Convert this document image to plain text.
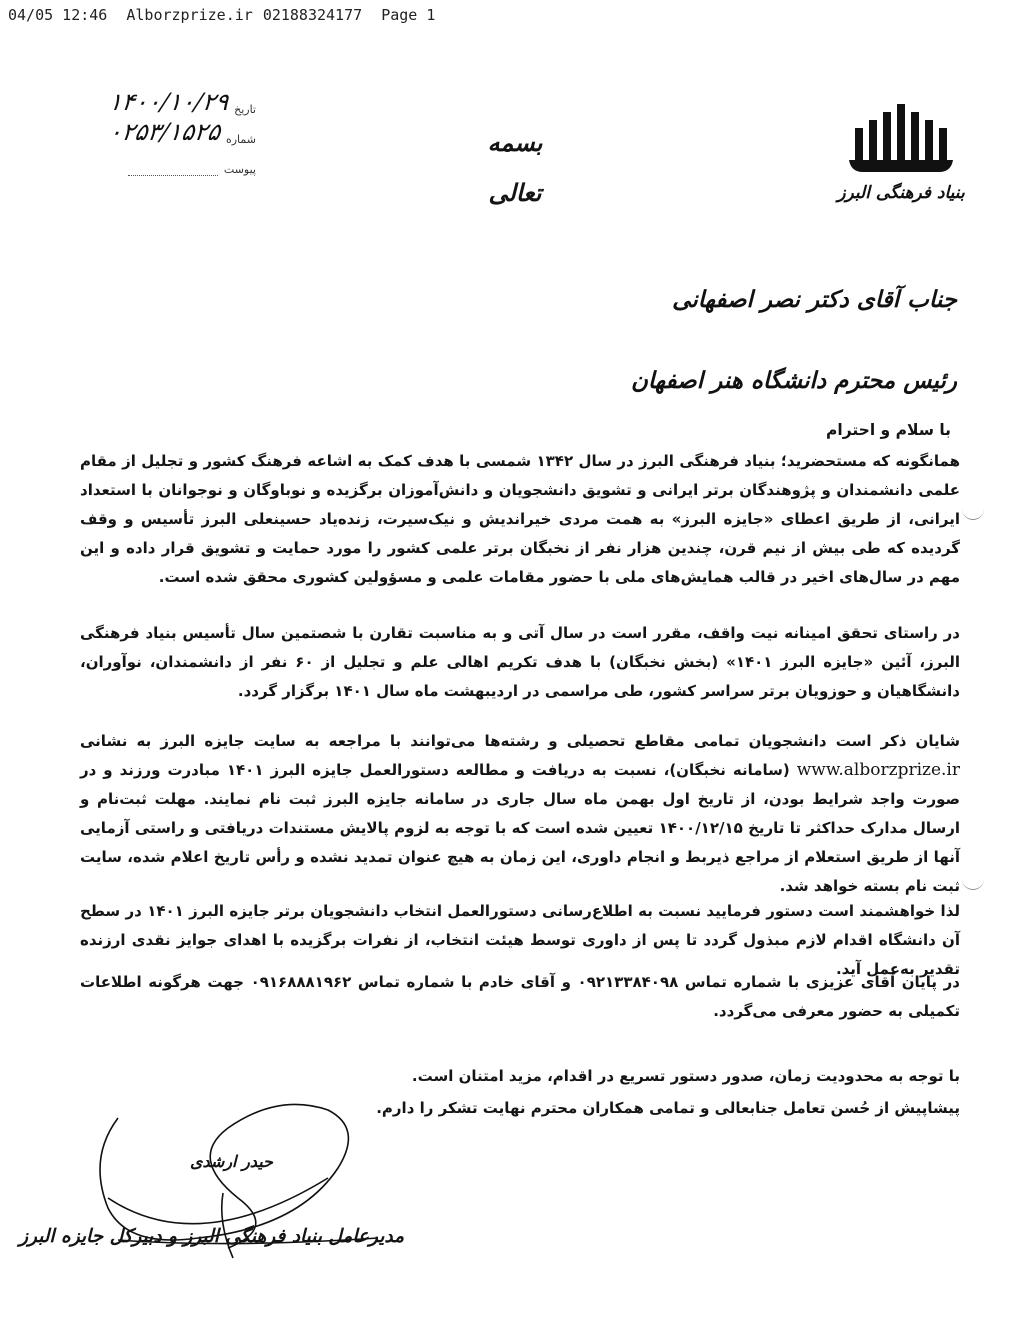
04/05 12:46 Alborzprize.ir 02188324177 Page 1
بنیاد فرهنگی البرز
بسمه تعالی
تاریخ
۱۴۰۰/۱۰/۲۹
شماره
۰۲۵۳/۱۵۲۵
پیوست
جناب آقای دکتر نصر اصفهانی
رئیس محترم دانشگاه هنر اصفهان
با سلام و احترام
همانگونه که مستحضرید؛ بنیاد فرهنگی البرز در سال ۱۳۴۲ شمسی با هدف کمک به اشاعه فرهنگ کشور و تجلیل از مقام علمی دانشمندان و پژوهندگان برتر ایرانی و تشویق دانشجویان و دانش‌آموزان برگزیده و نوباوگان و نوجوانان با استعداد ایرانی، از طریق اعطای «جایزه البرز» به همت مردی خیراندیش و نیک‌سیرت، زنده‌یاد حسینعلی البرز تأسیس و وقف گردیده که طی بیش از نیم قرن، چندین هزار نفر از نخبگان برتر علمی کشور را مورد حمایت و تشویق قرار داده و این مهم در سال‌های اخیر در قالب همایش‌های ملی با حضور مقامات علمی و مسؤولین کشوری محقق شده است.
در راستای تحقق امینانه نیت واقف، مقرر است در سال آتی و به مناسبت تقارن با شصتمین سال تأسیس بنیاد فرهنگی البرز، آئین «جایزه البرز ۱۴۰۱» (بخش نخبگان) با هدف تکریم اهالی علم و تجلیل از ۶۰ نفر از دانشمندان، نوآوران، دانشگاهیان و حوزویان برتر سراسر کشور، طی مراسمی در اردیبهشت ماه سال ۱۴۰۱ برگزار گردد.
شایان ذکر است دانشجویان تمامی مقاطع تحصیلی و رشته‌ها می‌توانند با مراجعه به سایت جایزه البرز به نشانی www.alborzprize.ir (سامانه نخبگان)، نسبت به دریافت و مطالعه دستورالعمل جایزه البرز ۱۴۰۱ مبادرت ورزند و در صورت واجد شرایط بودن، از تاریخ اول بهمن ماه سال جاری در سامانه جایزه البرز ثبت نام نمایند. مهلت ثبت‌نام و ارسال مدارک حداکثر تا تاریخ ۱۴۰۰/۱۲/۱۵ تعیین شده است که با توجه به لزوم پالایش مستندات دریافتی و راستی آزمایی آنها از طریق استعلام از مراجع ذیربط و انجام داوری، این زمان به هیچ عنوان تمدید نشده و رأس تاریخ اعلام شده، سایت ثبت نام بسته خواهد شد.
لذا خواهشمند است دستور فرمایید نسبت به اطلاع‌رسانی دستورالعمل انتخاب دانشجویان برتر جایزه البرز ۱۴۰۱ در سطح آن دانشگاه اقدام لازم مبذول گردد تا پس از داوری توسط هیئت انتخاب، از نفرات برگزیده با اهدای جوایز نقدی ارزنده تقدیر به‌عمل آید.
در پایان آقای عزیزی با شماره تماس ۰۹۲۱۳۳۸۴۰۹۸ و آقای خادم با شماره تماس ۰۹۱۶۸۸۸۱۹۶۲ جهت هرگونه اطلاعات تکمیلی به حضور معرفی می‌گردد.
با توجه به محدودیت زمان، صدور دستور تسریع در اقدام، مزید امتنان است.
پیشاپیش از حُسن تعامل جنابعالی و تمامی همکاران محترم نهایت تشکر را دارم.
حیدر ارشدی
مدیرعامل بنیاد فرهنگی البرز و دبیرکل جایزه البرز
